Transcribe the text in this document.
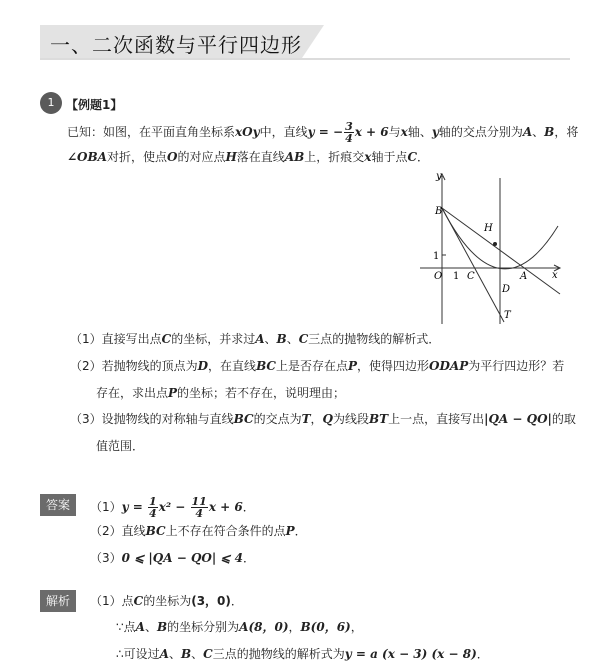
一、二次函数与平行四边形
1 【例题1】
已知：如图，在平面直角坐标系xOy中，直线y = − $\frac{3}{4}$ x + 6与x轴、y轴的交点分别为A、B，将
∠OBA对折，使点O的对应点H落在直线AB上，折痕交x轴于点C．
y
x
B
H
1
O 1 C
D
A
T
（1）直接写出点C的坐标，并求过A、B、C三点的抛物线的解析式．
（2）若抛物线的顶点为D，在直线BC上是否存在点P，使得四边形ODAP为平行四边形？若
存在，求出点P的坐标；若不存在，说明理由；
（3）设抛物线的对称轴与直线BC的交点为T，Q为线段BT上一点，直接写出|QA − QO|的取
值范围．
答案	$(1)y = \frac{1}{4} x^2 - \frac{11}{4}$ x + 6．
（2）直线BC上不存在符合条件的点P．
（3）0 ⩽ |QA − QO| ⩽ 4．
解析	（1）点C的坐标为(3，0)．
∵点A、B的坐标分别为A(8，0)，B(0，6)，
∴可设过A、B、C三点的抛物线的解析式为y = a (x − 3) (x − 8)．
